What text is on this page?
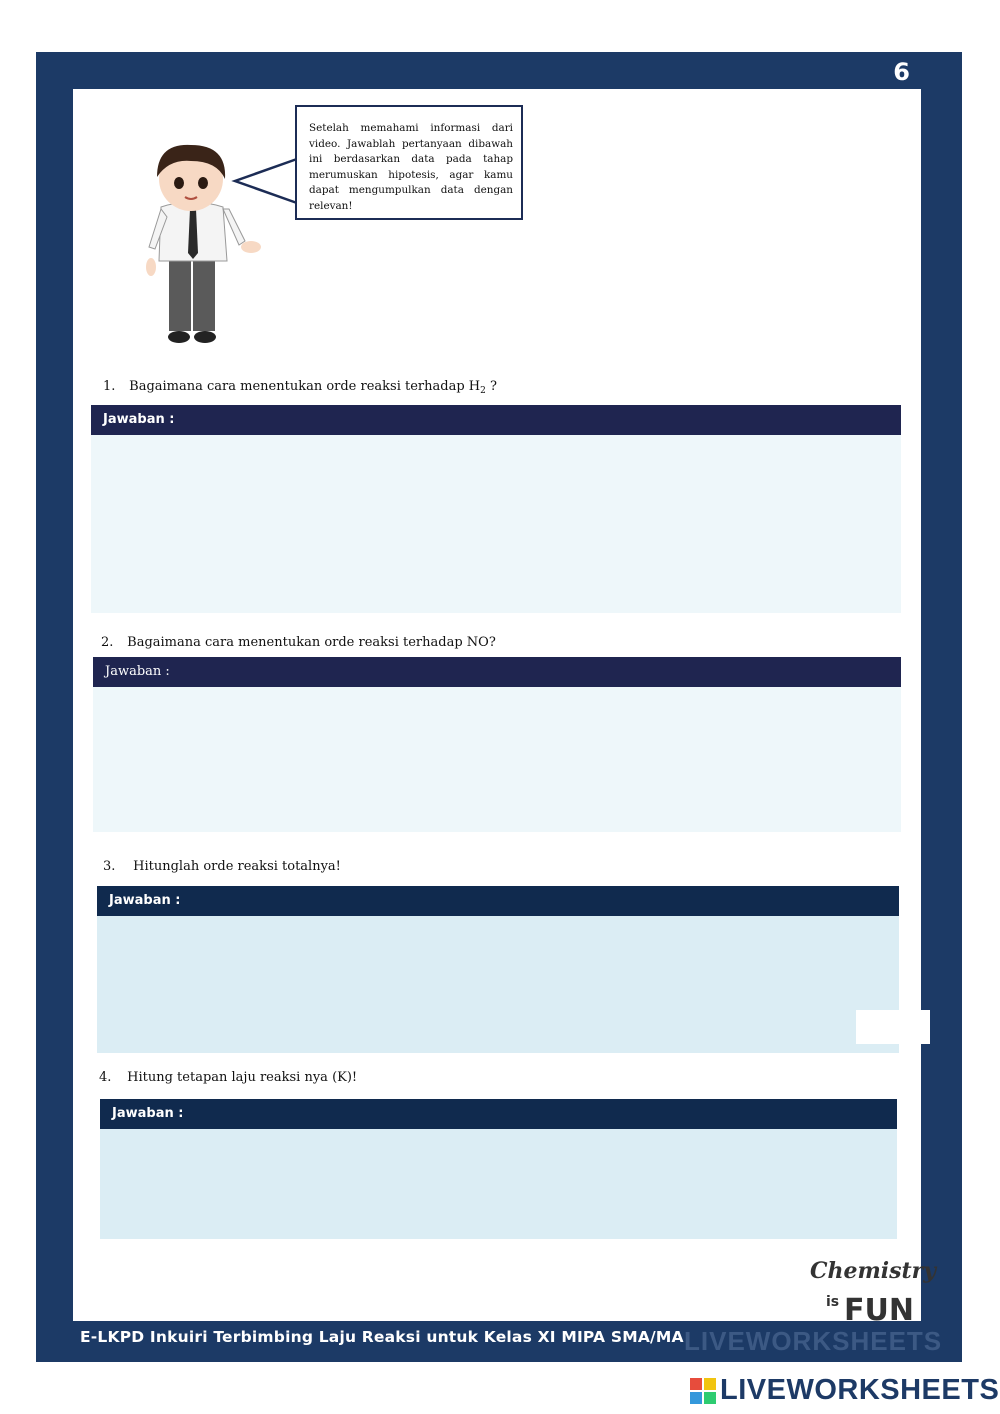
6
Setelah memahami informasi dari video. Jawablah pertanyaan dibawah ini berdasarkan data pada tahap merumuskan hipotesis, agar kamu dapat mengumpulkan data dengan relevan!
1. Bagaimana cara menentukan orde reaksi terhadap $H_2$ ?
Jawaban :
2. Bagaimana cara menentukan orde reaksi terhadap NO?
Jawaban :
3. Hitunglah orde reaksi totalnya!
Jawaban :
4. Hitung tetapan laju reaksi nya (K)!
Jawaban :
Chemistry
is FUN
E-LKPD Inkuiri Terbimbing Laju Reaksi untuk Kelas XI MIPA SMA/MA LIVEWORKSHEETS
LIVEWORKSHEETS
